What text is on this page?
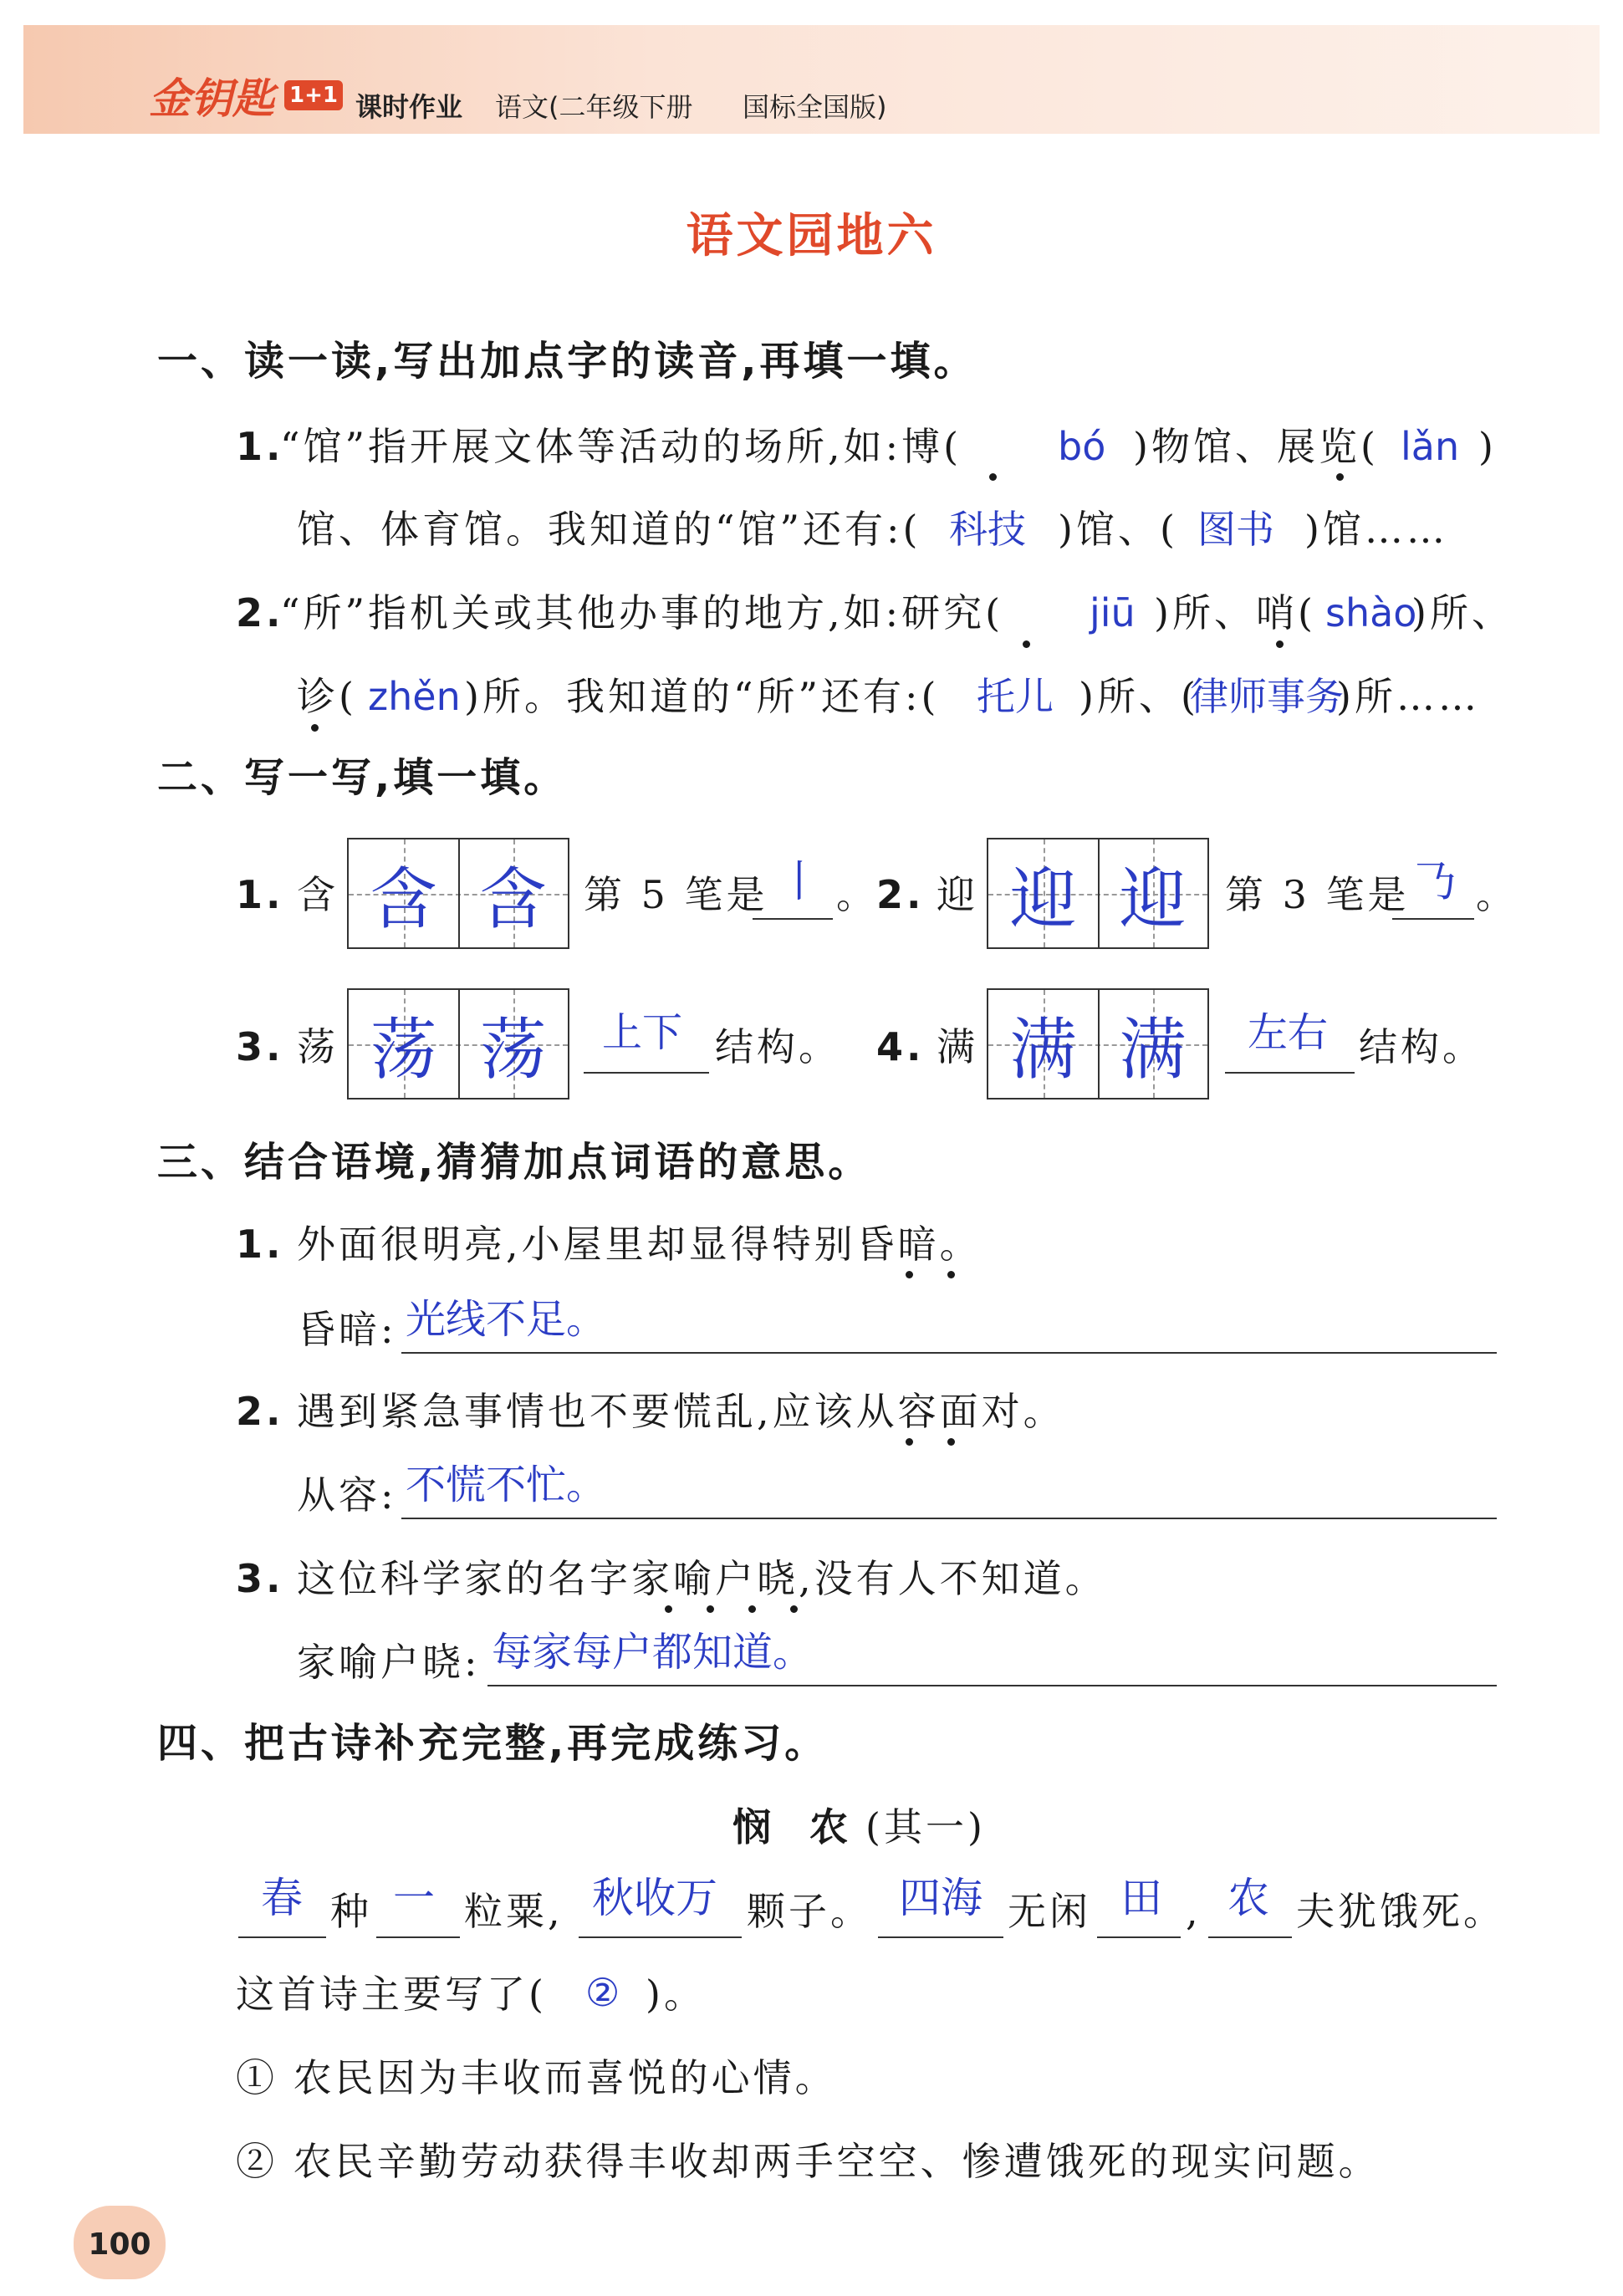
金钥匙 1+1 课时作业 语文(二年级下册 国标全国版)
语文园地六
一、读一读,写出加点字的读音,再填一填。
1.
“馆”指开展文体等活动的场所,如:博( bó )物馆、展览( lǎn )
馆、体育馆。我知道的“馆”还有:( 科技 )馆、( 图书 )馆……
2.
“所”指机关或其他办事的地方,如:研究( jiū )所、哨( shào
)所、
诊( zhěn )所。我知道的“所”还有:( 托儿 )所、(
律师事务
)所……
二、写一写,填一填。
1. 含 含 含 第 5 笔是 丨 。
2. 迎 迎 迎	第 3 笔是 𠄎 。
3. 荡 荡 荡	上下 结构。 4. 满 满 满	左右 结构。
三、结合语境,猜猜加点词语的意思。
1. 外面很明亮,小屋里却显得特别昏暗。
昏暗: 光线不足。
2. 遇到紧急事情也不要慌乱,应该从容面对。
从容: 不慌不忙。
3. 这位科学家的名字家喻户晓,没有人不知道。
家喻户晓: 每家每户都知道。
四、把古诗补充完整,再完成练习。
悯　农 (其一)
春 种 一 粒粟, 秋收万 颗子。 四海 无闲 田 , 农 夫犹饿死。
这首诗主要写了( ② )。
① 农民因为丰收而喜悦的心情。
② 农民辛勤劳动获得丰收却两手空空、惨遭饿死的现实问题。
100
